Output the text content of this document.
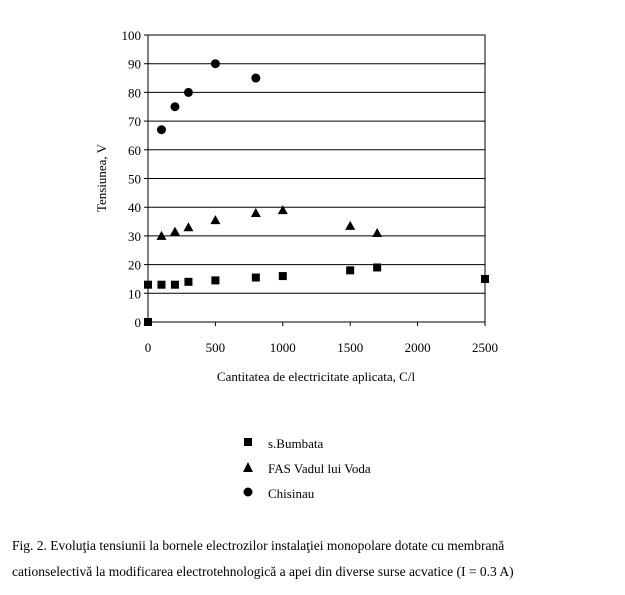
0
10
20
30
40
50
60
70
80
90
100
0	500	1000	1500	2000	2500
Cantitatea de electricitate aplicata, C/l
Tensiunea, V
s.Bumbata
FAS Vadul lui Voda
Chisinau
Fig. 2. Evoluţia tensiunii la bornele electrozilor instalaţiei monopolare dotate cu membrană
cationselectivă la modificarea electrotehnologică a apei din diverse surse acvatice (I = 0.3 A)
